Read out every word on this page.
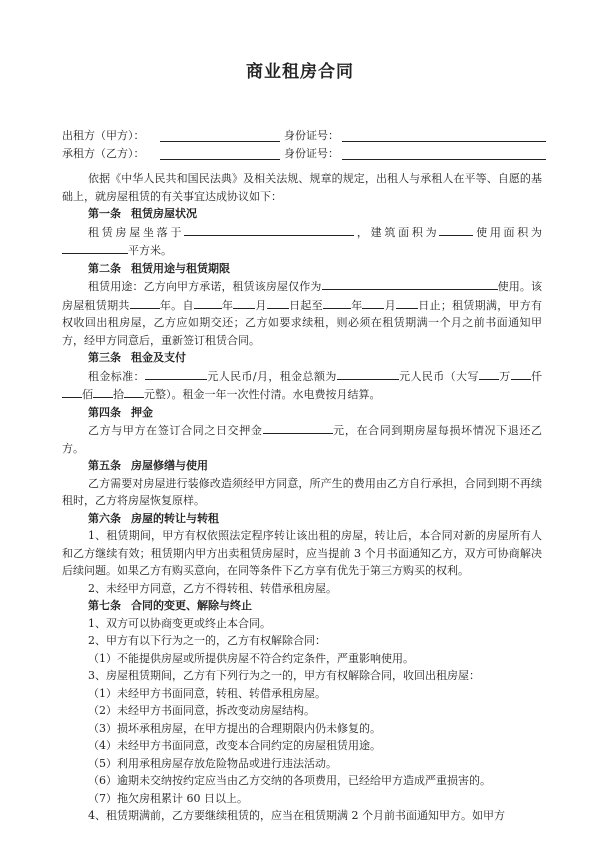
商业租房合同
出租方（甲方）：	身份证号：
承租方（乙方）：	身份证号：

依据《中华人民共和国民法典》及相关法规、规章的规定，出租人与承租人在平等、自愿的基础上，就房屋租赁的有关事宜达成协议如下：

第一条 租赁房屋状况

租赁房屋坐落于	，建筑面积为	使用面积为平方米。

第二条 租赁用途与租赁期限

租赁用途：乙方向甲方承诺，租赁该房屋仅作为	使用。该房屋租赁期共	年。自	年 月 日起至	年 月 日止；租赁期满，甲方有权收回出租房屋，乙方应如期交还；乙方如要求续租，则必须在租赁期满一个月之前书面通知甲方，经甲方同意后，重新签订租赁合同。

第三条 租金及支付

租金标准：	元人民币/月，租金总额为	元人民币（大写 万 仟佰 拾 元整）。租金一年一次性付清。水电费按月结算。

第四条 押金

乙方与甲方在签订合同之日交押金	元，在合同到期房屋每损坏情况下退还乙方。

第五条 房屋修缮与使用

乙方需要对房屋进行装修改造须经甲方同意，所产生的费用由乙方自行承担，合同到期不再续租时，乙方将房屋恢复原样。

第六条 房屋的转让与转租

1、租赁期间，甲方有权依照法定程序转让该出租的房屋，转让后，本合同对新的房屋所有人和乙方继续有效；租赁期内甲方出卖租赁房屋时，应当提前 3 个月书面通知乙方，双方可协商解决后续问题。如果乙方有购买意向，在同等条件下乙方享有优先于第三方购买的权利。

2、未经甲方同意，乙方不得转租、转借承租房屋。

第七条 合同的变更、解除与终止

1、双方可以协商变更或终止本合同。

2、甲方有以下行为之一的，乙方有权解除合同：

（1）不能提供房屋或所提供房屋不符合约定条件，严重影响使用。

3、房屋租赁期间，乙方有下列行为之一的，甲方有权解除合同，收回出租房屋：

（1）未经甲方书面同意，转租、转借承租房屋。

（2）未经甲方书面同意，拆改变动房屋结构。

（3）损坏承租房屋，在甲方提出的合理期限内仍未修复的。

（4）未经甲方书面同意，改变本合同约定的房屋租赁用途。

（5）利用承租房屋存放危险物品或进行违法活动。

（6）逾期未交纳按约定应当由乙方交纳的各项费用，已经给甲方造成严重损害的。

（7）拖欠房租累计 60 日以上。

4、租赁期满前，乙方要继续租赁的，应当在租赁期满 2 个月前书面通知甲方。如甲方
